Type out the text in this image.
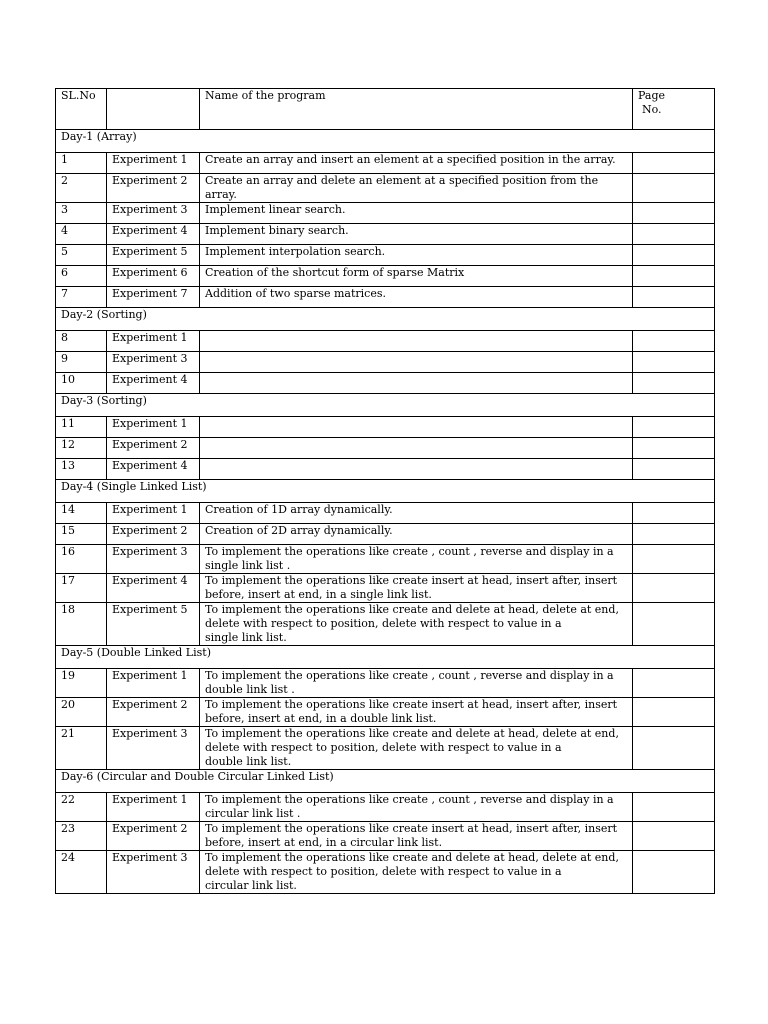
SL.No		Name of the program	Page
No.

Day-1 (Array)			
1	Experiment 1	Create an array and insert an element at a specified position in the array.	
2	Experiment 2	Create an array and delete an element at a specified position from the array.	
3	Experiment 3	Implement linear search.	
4	Experiment 4	Implement binary search.	
5	Experiment 5	Implement interpolation search.	
6	Experiment 6	Creation of the shortcut form of sparse Matrix	
7	Experiment 7	Addition of two sparse matrices.	
Day-2 (Sorting)			
8	Experiment 1		
9	Experiment 3		
10	Experiment 4		
Day-3 (Sorting)			
11	Experiment 1		
12	Experiment 2		
13	Experiment 4		
Day-4 (Single Linked List)			
14	Experiment 1	Creation of 1D array dynamically.	
15	Experiment 2	Creation of 2D array dynamically.	
16	Experiment 3	To implement the operations like create , count , reverse and display in a
single link list .	
17	Experiment 4	To implement the operations like create insert at head, insert after, insert
before, insert at end, in a single link list.	
18	Experiment 5	To implement the operations like create and delete at head, delete at end,
delete with respect to position, delete with respect to value in a
single link list.	
Day-5 (Double Linked List)			
19	Experiment 1	To implement the operations like create , count , reverse and display in a
double link list .	
20	Experiment 2	To implement the operations like create insert at head, insert after, insert
before, insert at end, in a double link list.	
21	Experiment 3	To implement the operations like create and delete at head, delete at end,
delete with respect to position, delete with respect to value in a
double link list.	
Day-6 (Circular and Double Circular Linked List)			
22	Experiment 1	To implement the operations like create , count , reverse and display in a
circular link list .	
23	Experiment 2	To implement the operations like create insert at head, insert after, insert
before, insert at end, in a circular link list.	
24	Experiment 3	To implement the operations like create and delete at head, delete at end,
delete with respect to position, delete with respect to value in a
circular link list.	
